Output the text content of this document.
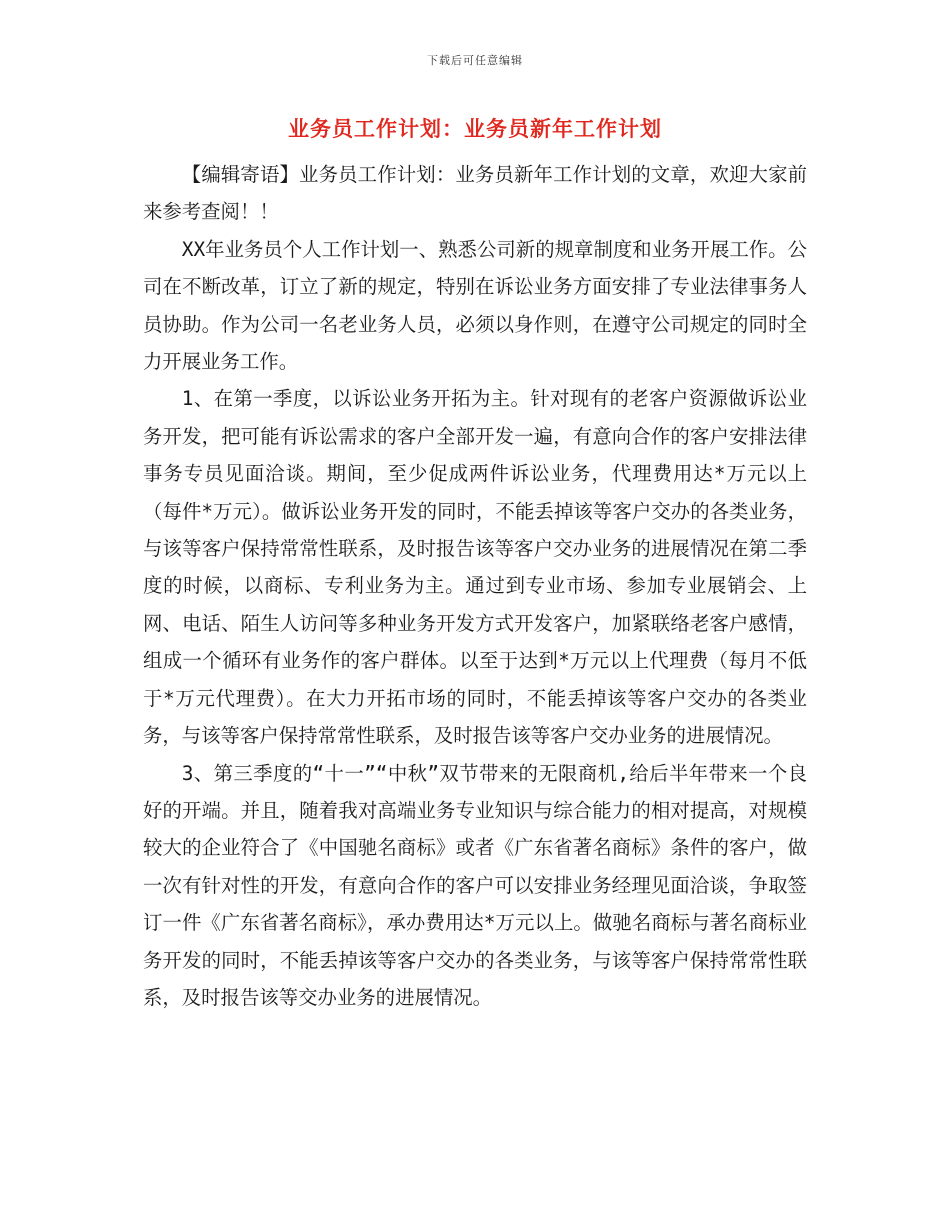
下载后可任意编辑
业务员工作计划：业务员新年工作计划

【编辑寄语】业务员工作计划：业务员新年工作计划的文章，欢迎大家前来参考查阅！！

XX年业务员个人工作计划一、熟悉公司新的规章制度和业务开展工作。公司在不断改革，订立了新的规定，特别在诉讼业务方面安排了专业法律事务人员协助。作为公司一名老业务人员，必须以身作则，在遵守公司规定的同时全力开展业务工作。

1、在第一季度，以诉讼业务开拓为主。针对现有的老客户资源做诉讼业务开发，把可能有诉讼需求的客户全部开发一遍，有意向合作的客户安排法律事务专员见面洽谈。期间，至少促成两件诉讼业务，代理费用达*万元以上（每件*万元）。做诉讼业务开发的同时，不能丢掉该等客户交办的各类业务，与该等客户保持常常性联系，及时报告该等客户交办业务的进展情况在第二季度的时候，以商标、专利业务为主。通过到专业市场、参加专业展销会、上网、电话、陌生人访问等多种业务开发方式开发客户，加紧联络老客户感情，组成一个循环有业务作的客户群体。以至于达到*万元以上代理费（每月不低于*万元代理费）。在大力开拓市场的同时，不能丢掉该等客户交办的各类业务，与该等客户保持常常性联系，及时报告该等客户交办业务的进展情况。

3、第三季度的“十一”“中秋”双节带来的无限商机,给后半年带来一个良好的开端。并且，随着我对高端业务专业知识与综合能力的相对提高，对规模较大的企业符合了《中国驰名商标》或者《广东省著名商标》条件的客户，做一次有针对性的开发，有意向合作的客户可以安排业务经理见面洽谈，争取签订一件《广东省著名商标》，承办费用达*万元以上。做驰名商标与著名商标业务开发的同时，不能丢掉该等客户交办的各类业务，与该等客户保持常常性联系，及时报告该等交办业务的进展情况。
